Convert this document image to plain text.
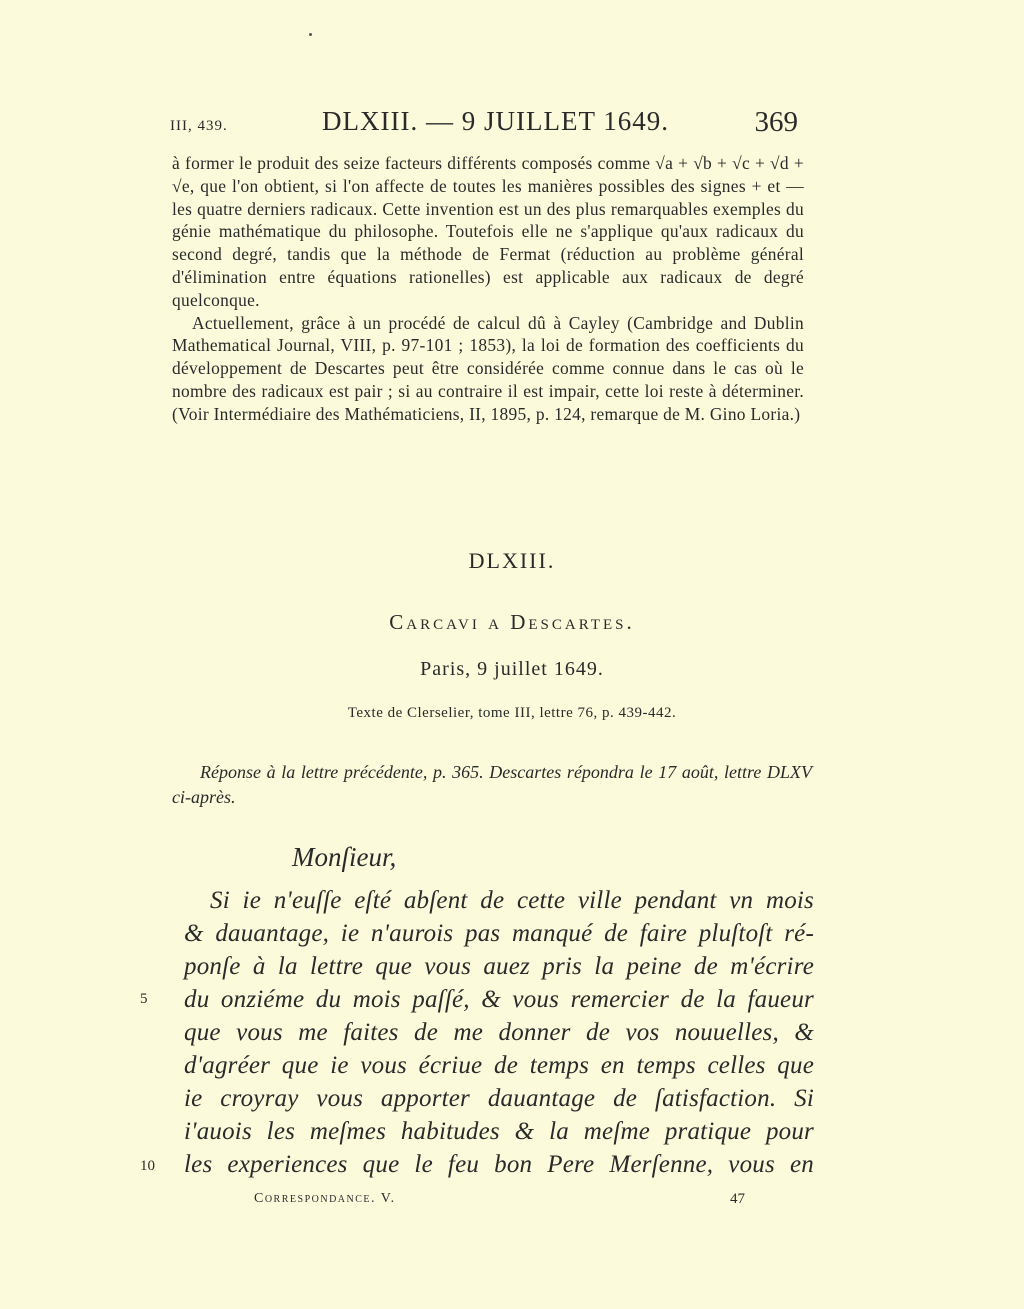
III, 439.	DLXIII. — 9 JUILLET 1649.	369

à former le produit des seize facteurs différents composés comme √a + √b + √c + √d + √e, que l'on obtient, si l'on affecte de toutes les manières possibles des signes + et — les quatre derniers radicaux. Cette invention est un des plus remarquables exemples du génie mathématique du philosophe. Toutefois elle ne s'applique qu'aux radicaux du second degré, tandis que la méthode de Fermat (réduction au problème général d'élimination entre équations rationelles) est applicable aux radicaux de degré quelconque.

Actuellement, grâce à un procédé de calcul dû à Cayley (Cambridge and Dublin Mathematical Journal, VIII, p. 97-101 ; 1853), la loi de formation des coefficients du développement de Descartes peut être considérée comme connue dans le cas où le nombre des radicaux est pair ; si au contraire il est impair, cette loi reste à déterminer. (Voir Intermédiaire des Mathématiciens, II, 1895, p. 124, remarque de M. Gino Loria.)

DLXIII.
Carcavi a Descartes.
Paris, 9 juillet 1649.
Texte de Clerselier, tome III, lettre 76, p. 439-442.
Réponse à la lettre précédente, p. 365. Descartes répondra le 17 août, lettre DLXV ci-après.
Monſieur,
Si ie n'euſſe eſté abſent de cette ville pendant vn mois
& dauantage, ie n'aurois pas manqué de faire pluſtoſt ré-
ponſe à la lettre que vous auez pris la peine de m'écrire
du onziéme du mois paſſé, & vous remercier de la faueur
que vous me faites de me donner de vos nouuelles, &
d'agréer que ie vous écriue de temps en temps celles que
ie croyray vous apporter dauantage de ſatisfaction. Si
i'auois les meſmes habitudes & la meſme pratique pour
les experiences que le feu bon Pere Merſenne, vous en
5
10
Correspondance. V.	47
